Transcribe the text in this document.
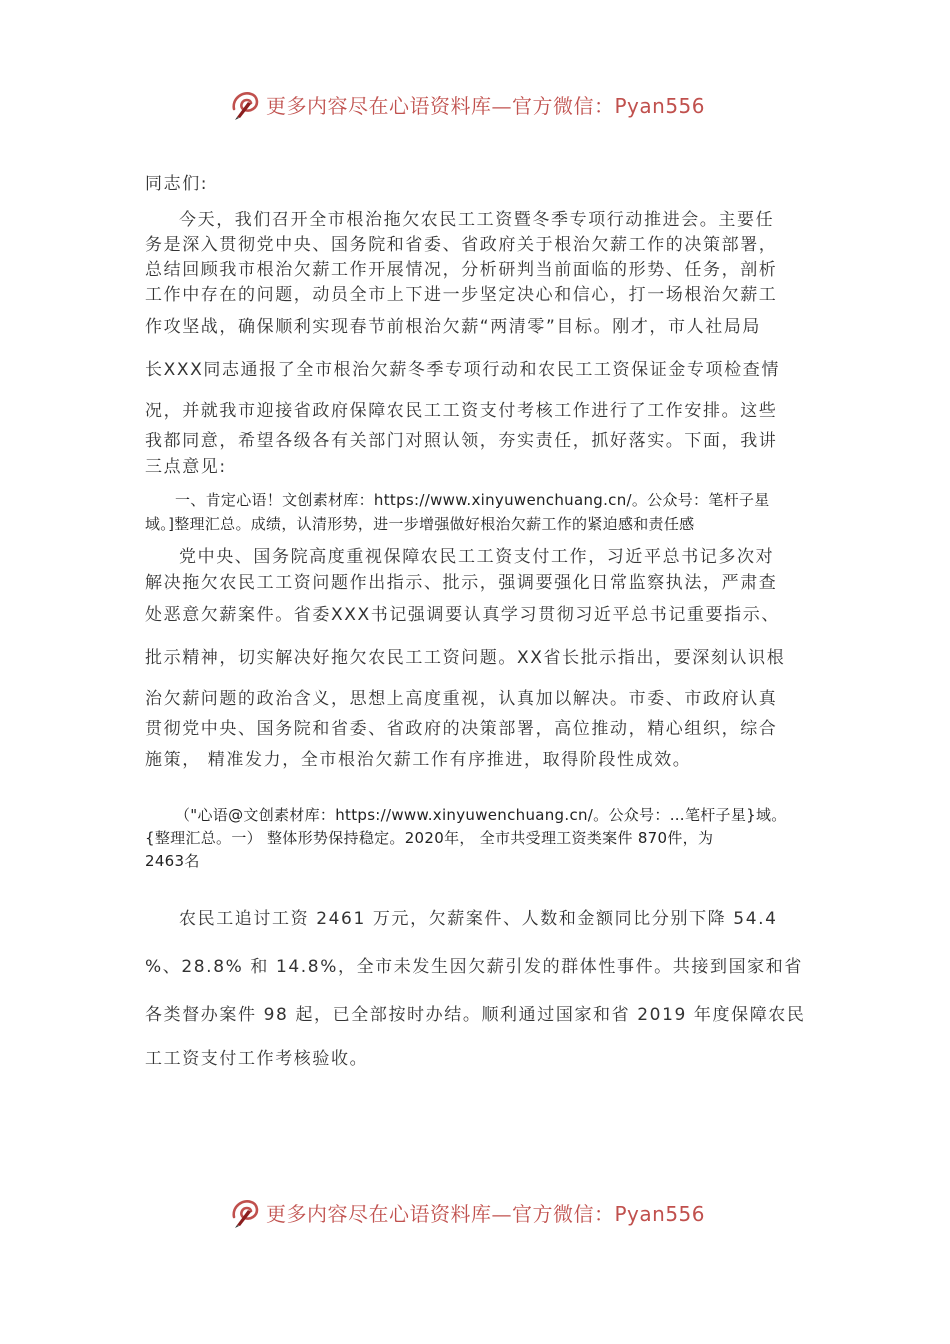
更多内容尽在心语资料库—官方微信：Pyan556

同志们:

今天，我们召开全市根治拖欠农民工工资暨冬季专项行动推进会。主要任
务是深入贯彻党中央、国务院和省委、省政府关于根治欠薪工作的决策部署，
总结回顾我市根治欠薪工作开展情况，分析研判当前面临的形势、任务，剖析
工作中存在的问题，动员全市上下进一步坚定决心和信心，打一场根治欠薪工
作攻坚战，确保顺利实现春节前根治欠薪“两清零”目标。刚才，市人社局局
长XXX同志通报了全市根治欠薪冬季专项行动和农民工工资保证金专项检查情
况，并就我市迎接省政府保障农民工工资支付考核工作进行了工作安排。这些
我都同意，希望各级各有关部门对照认领，夯实责任，抓好落实。下面，我讲
三点意见:

一、肯定心语！文创素材库：https://www.xinyuwenchuang.cn/。公众号：笔杆子星
域。]整理汇总。成绩，认清形势，进一步增强做好根治欠薪工作的紧迫感和责任感

党中央、国务院高度重视保障农民工工资支付工作，习近平总书记多次对
解决拖欠农民工工资问题作出指示、批示，强调要强化日常监察执法，严肃查
处恶意欠薪案件。省委XXX书记强调要认真学习贯彻习近平总书记重要指示、
批示精神，切实解决好拖欠农民工工资问题。XX省长批示指出，要深刻认识根
治欠薪问题的政治含义，思想上高度重视，认真加以解决。市委、市政府认真
贯彻党中央、国务院和省委、省政府的决策部署，高位推动，精心组织，综合
施策， 精准发力，全市根治欠薪工作有序推进，取得阶段性成效。

（"心语@文创素材库：https://www.xinyuwenchuang.cn/。公众号：…笔杆子星}域。
{整理汇总。一） 整体形势保持稳定。2020年， 全市共受理工资类案件 870件，为
2463名

农民工追讨工资 2461 万元，欠薪案件、人数和金额同比分别下降 54.4
%、28.8% 和 14.8%，全市未发生因欠薪引发的群体性事件。共接到国家和省
各类督办案件 98 起，已全部按时办结。顺利通过国家和省 2019 年度保障农民
工工资支付工作考核验收。

更多内容尽在心语资料库—官方微信：Pyan556
